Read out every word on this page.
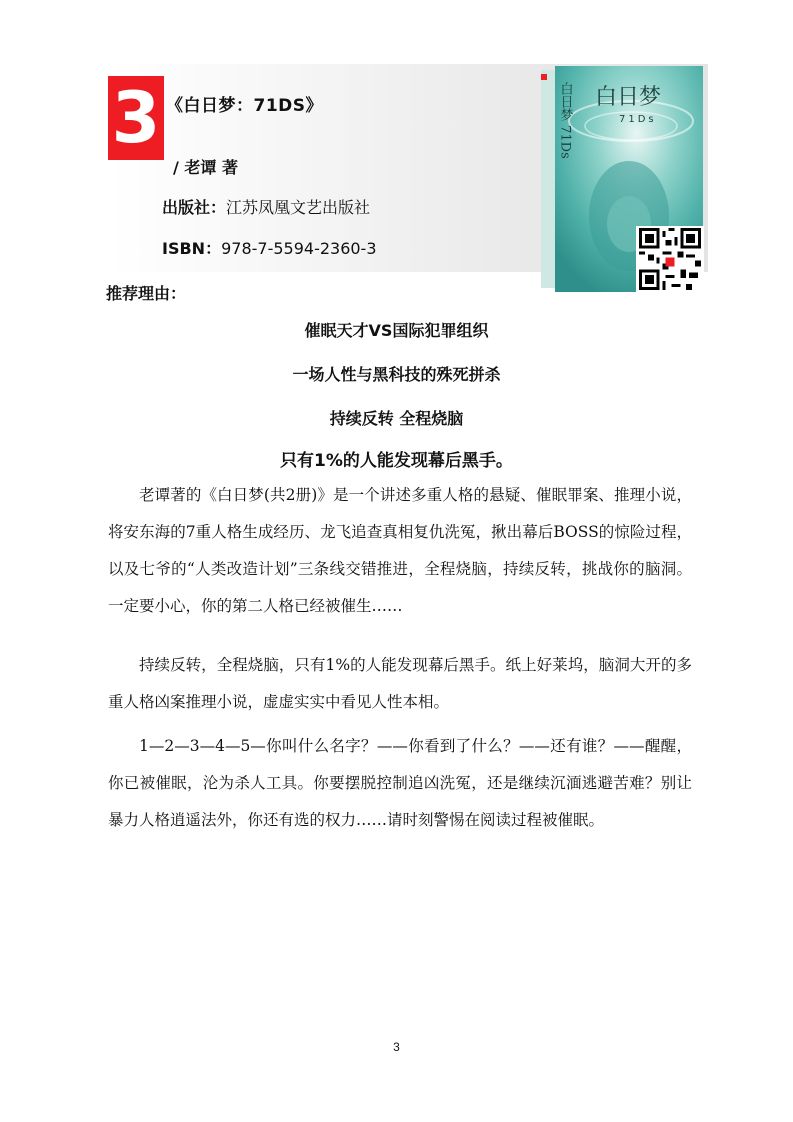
3 《白日梦：71DS》
/ 老谭 著
出版社：江苏凤凰文艺出版社
ISBN：978-7-5594-2360-3
白日梦
71Ds
白日梦 71Ds
推荐理由：
催眠天才VS国际犯罪组织
一场人性与黑科技的殊死拼杀
持续反转 全程烧脑
只有1%的人能发现幕后黑手。

老谭著的《白日梦(共2册)》是一个讲述多重人格的悬疑、催眠罪案、推理小说，将安东海的7重人格生成经历、龙飞追查真相复仇洗冤，揪出幕后BOSS的惊险过程，以及七爷的“人类改造计划”三条线交错推进，全程烧脑，持续反转，挑战你的脑洞。一定要小心，你的第二人格已经被催生……

持续反转，全程烧脑，只有1%的人能发现幕后黑手。纸上好莱坞，脑洞大开的多重人格凶案推理小说，虚虚实实中看见人性本相。

1—2—3—4—5—你叫什么名字？——你看到了什么？——还有谁？——醒醒，你已被催眠，沦为杀人工具。你要摆脱控制追凶洗冤，还是继续沉湎逃避苦难？别让暴力人格逍遥法外，你还有选的权力……请时刻警惕在阅读过程被催眠。

3
